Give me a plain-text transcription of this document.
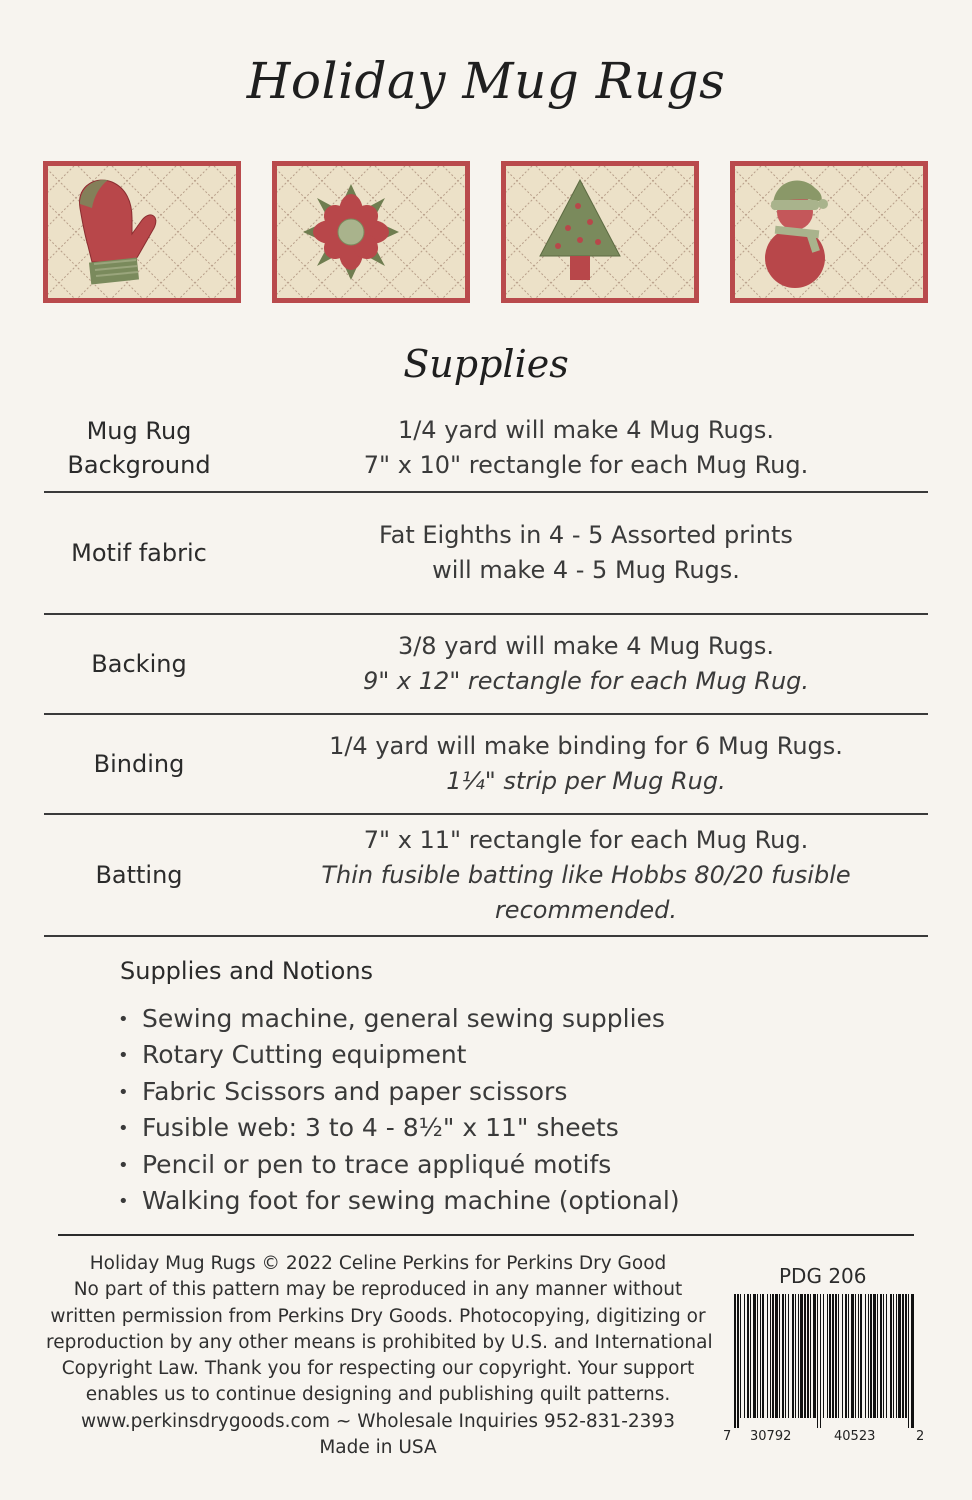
Holiday Mug Rugs
Supplies
Mug Rug
Background
1/4 yard will make 4 Mug Rugs.
7" x 10" rectangle for each Mug Rug.
Motif fabric
Fat Eighths in 4 - 5 Assorted prints
will make 4 - 5 Mug Rugs.
Backing
3/8 yard will make 4 Mug Rugs.
9" x 12" rectangle for each Mug Rug.
Binding
1/4 yard will make binding for 6 Mug Rugs.
1¼" strip per Mug Rug.
Batting
7" x 11" rectangle for each Mug Rug.
Thin fusible batting like Hobbs 80/20 fusible recommended.
Supplies and Notions
• Sewing machine, general sewing supplies
• Rotary Cutting equipment
• Fabric Scissors and paper scissors
• Fusible web: 3 to 4 - 8½" x 11" sheets
• Pencil or pen to trace appliqué motifs
• Walking foot for sewing machine (optional)
Holiday Mug Rugs © 2022 Celine Perkins for Perkins Dry Good
No part of this pattern may be reproduced in any manner without
written permission from Perkins Dry Goods. Photocopying, digitizing or
reproduction by any other means is prohibited by U.S. and International
Copyright Law. Thank you for respecting our copyright. Your support
enables us to continue designing and publishing quilt patterns.
www.perkinsdrygoods.com ~ Wholesale Inquiries 952-831-2393
Made in USA
PDG 206
7 30792	40523	2
